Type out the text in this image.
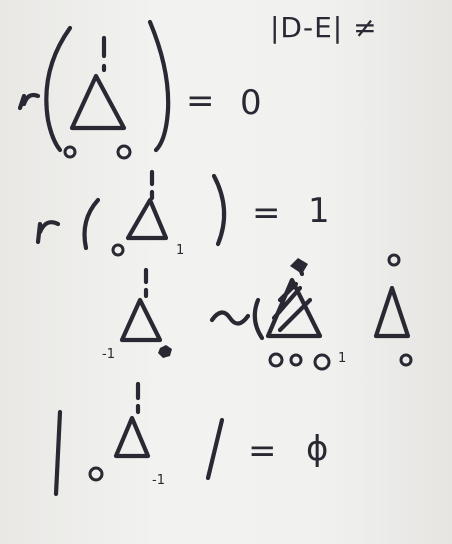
|D-E| ≠
= 0
= 1
1
-1	1
-1
= ϕ
